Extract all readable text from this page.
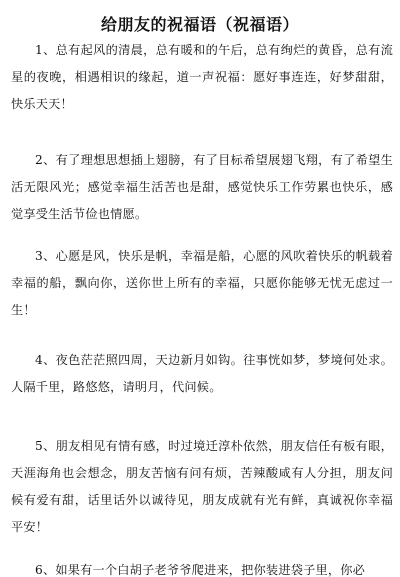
给朋友的祝福语（祝福语）
1、总有起风的清晨，总有暖和的午后，总有绚烂的黄昏，总有流星的夜晚，相遇相识的缘起，道一声祝福：愿好事连连，好梦甜甜，快乐天天！
2、有了理想思想插上翅膀，有了目标希望展翅飞翔，有了希望生活无限风光；感觉幸福生活苦也是甜，感觉快乐工作劳累也快乐，感觉享受生活节俭也情愿。
3、心愿是风，快乐是帆，幸福是船，心愿的风吹着快乐的帆载着幸福的船，飘向你，送你世上所有的幸福，只愿你能够无忧无虑过一生！
4、夜色茫茫照四周，天边新月如钩。往事恍如梦，梦境何处求。人隔千里，路悠悠，请明月，代问候。
5、朋友相见有情有感，时过境迁淳朴依然，朋友信任有板有眼，天涯海角也会想念，朋友苦恼有问有烦，苦辣酸咸有人分担，朋友问候有爱有甜，话里话外以诚待见，朋友成就有光有鲜，真诚祝你幸福平安！
6、如果有一个白胡子老爷爷爬进来，把你装进袋子里，你必
